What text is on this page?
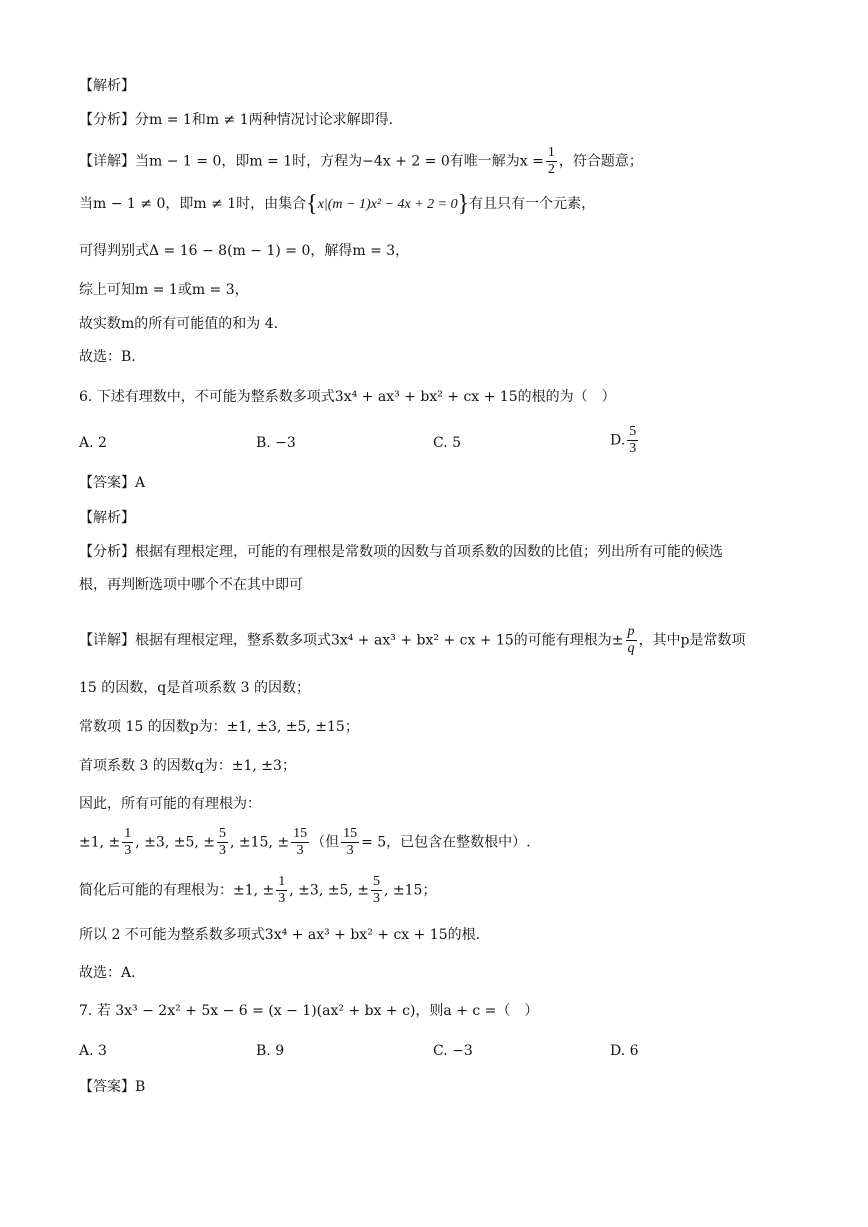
【解析】
【分析】分m = 1和m ≠ 1两种情况讨论求解即得.
【详解】当m − 1 = 0，即m = 1时，方程为−4x + 2 = 0有唯一解为$x = \frac{1}{2}$ ，符合题意；
当m − 1 ≠ 0，即m ≠ 1时，由集合{x|(m − 1)x² − 4x + 2 = 0}有且只有一个元素，
可得判别式Δ = 16 − 8(m − 1) = 0，解得m = 3，
综上可知m = 1或m = 3，
故实数m的所有可能值的和为 4.
故选：B.
6. 下述有理数中，不可能为整系数多项式3x⁴ + ax³ + bx² + cx + 15的根的为（　）
A. 2	B. −3	C. 5	D. $\frac{5}{3}$
【答案】A
【解析】
【分析】根据有理根定理，可能的有理根是常数项的因数与首项系数的因数的比值；列出所有可能的候选
根，再判断选项中哪个不在其中即可
【详解】根据有理根定理，整系数多项式3x⁴ + ax³ + bx² + cx + 15的可能有理根为± $\frac{p}{q}$ ，其中p是常数项
15 的因数，q是首项系数 3 的因数；
常数项 15 的因数p为：±1, ±3, ±5, ±15；
首项系数 3 的因数q为：±1, ±3；
因此，所有可能的有理根为：
±1, ± $\frac{1}{3}$ , ±3, ±5, ± $\frac{5}{3}$ , ±15, ± $\frac{15}{3}$ （但 $\frac{15}{3} = 5$，已包含在整数根中）.
简化后可能的有理根为：±1, ± $\frac{1}{3}$ , ±3, ±5, ± $\frac{5}{3}$ , ±15；
所以 2 不可能为整系数多项式3x⁴ + ax³ + bx² + cx + 15的根.
故选：A.
7. 若 3x³ − 2x² + 5x − 6 = (x − 1)(ax² + bx + c)，则a + c =（　）
A. 3	B. 9	C. −3	D. 6
【答案】B
